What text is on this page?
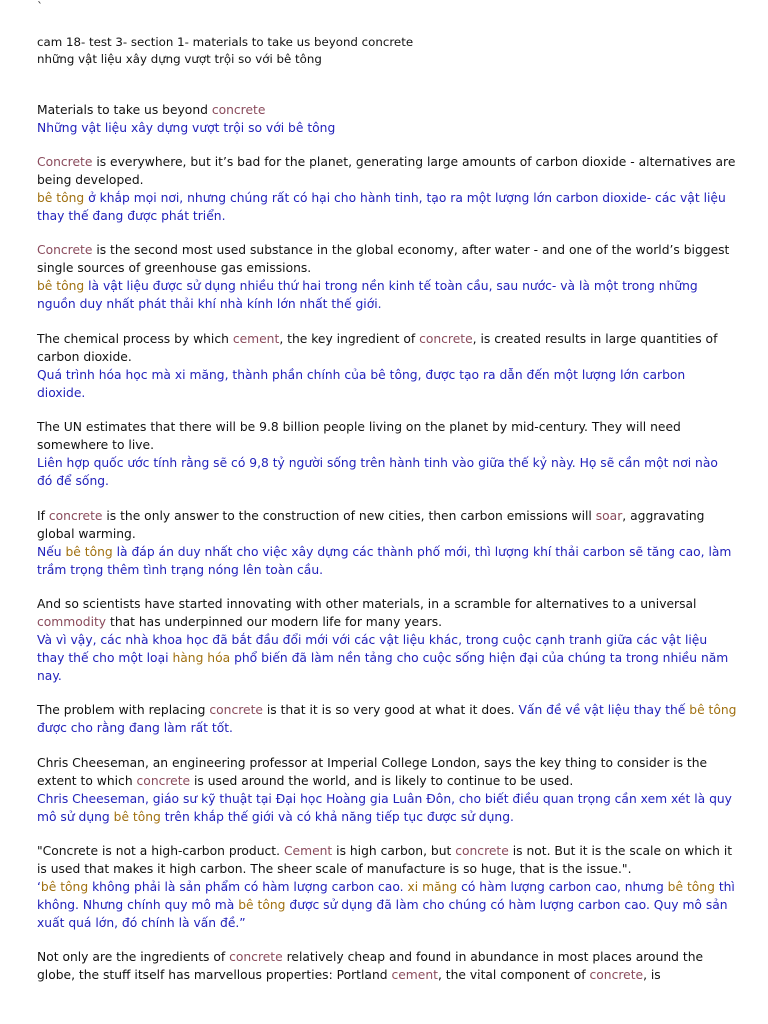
`
cam 18- test 3- section 1- materials to take us beyond concrete
những vật liệu xây dựng vượt trội so với bê tông

Materials to take us beyond concrete

Những vật liệu xây dựng vượt trội so với bê tông

Concrete is everywhere, but it’s bad for the planet, generating large amounts of carbon dioxide - alternatives are being developed.

bê tông ở khắp mọi nơi, nhưng chúng rất có hại cho hành tinh, tạo ra một lượng lớn carbon dioxide- các vật liệu thay thế đang được phát triển.

Concrete is the second most used substance in the global economy, after water - and one of the world’s biggest single sources of greenhouse gas emissions.

bê tông là vật liệu được sử dụng nhiều thứ hai trong nền kinh tế toàn cầu, sau nước- và là một trong những nguồn duy nhất phát thải khí nhà kính lớn nhất thế giới.

The chemical process by which cement, the key ingredient of concrete, is created results in large quantities of carbon dioxide.

Quá trình hóa học mà xi măng, thành phần chính của bê tông, được tạo ra dẫn đến một lượng lớn carbon dioxide.

The UN estimates that there will be 9.8 billion people living on the planet by mid-century. They will need somewhere to live.

Liên hợp quốc ước tính rằng sẽ có 9,8 tỷ người sống trên hành tinh vào giữa thế kỷ này. Họ sẽ cần một nơi nào đó để sống.

If concrete is the only answer to the construction of new cities, then carbon emissions will soar, aggravating global warming.

Nếu bê tông là đáp án duy nhất cho việc xây dựng các thành phố mới, thì lượng khí thải carbon sẽ tăng cao, làm trầm trọng thêm tình trạng nóng lên toàn cầu.

And so scientists have started innovating with other materials, in a scramble for alternatives to a universal commodity that has underpinned our modern life for many years.

Và vì vậy, các nhà khoa học đã bắt đầu đổi mới với các vật liệu khác, trong cuộc cạnh tranh giữa các vật liệu thay thế cho một loại hàng hóa phổ biến đã làm nền tảng cho cuộc sống hiện đại của chúng ta trong nhiều năm nay.

The problem with replacing concrete is that it is so very good at what it does. Vấn đề về vật liệu thay thế bê tông được cho rằng đang làm rất tốt.

Chris Cheeseman, an engineering professor at Imperial College London, says the key thing to consider is the extent to which concrete is used around the world, and is likely to continue to be used.

Chris Cheeseman, giáo sư kỹ thuật tại Đại học Hoàng gia Luân Đôn, cho biết điều quan trọng cần xem xét là quy mô sử dụng bê tông trên khắp thế giới và có khả năng tiếp tục được sử dụng.

"Concrete is not a high-carbon product. Cement is high carbon, but concrete is not. But it is the scale on which it is used that makes it high carbon. The sheer scale of manufacture is so huge, that is the issue.".

‘bê tông không phải là sản phẩm có hàm lượng carbon cao. xi măng có hàm lượng carbon cao, nhưng bê tông thì không. Nhưng chính quy mô mà bê tông được sử dụng đã làm cho chúng có hàm lượng carbon cao. Quy mô sản xuất quá lớn, đó chính là vấn đề.”

Not only are the ingredients of concrete relatively cheap and found in abundance in most places around the globe, the stuff itself has marvellous properties: Portland cement, the vital component of concrete, is
